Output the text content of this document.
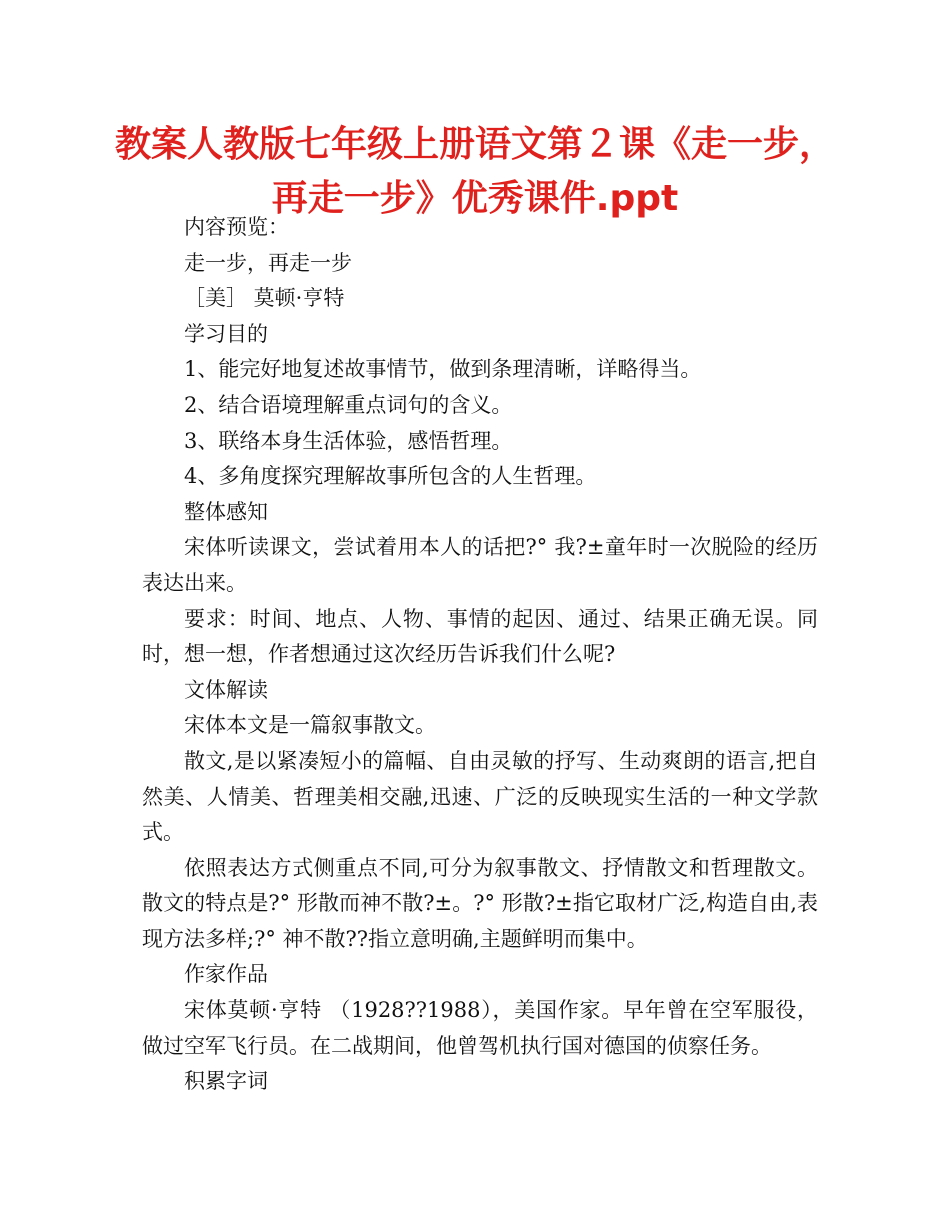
教案人教版七年级上册语文第２课《走一步，再走一步》优秀课件.ppt

内容预览：

走一步，再走一步

［美］ 莫顿·亨特

学习目的

1、能完好地复述故事情节，做到条理清晰，详略得当。

2、结合语境理解重点词句的含义。

3、联络本身生活体验，感悟哲理。

4、多角度探究理解故事所包含的人生哲理。

整体感知

宋体听读课文，尝试着用本人的话把?° 我?±童年时一次脱险的经历表达出来。

要求：时间、地点、人物、事情的起因、通过、结果正确无误。同时，想一想，作者想通过这次经历告诉我们什么呢?

文体解读

宋体本文是一篇叙事散文。

散文,是以紧凑短小的篇幅、自由灵敏的抒写、生动爽朗的语言,把自然美、人情美、哲理美相交融,迅速、广泛的反映现实生活的一种文学款式。

依照表达方式侧重点不同,可分为叙事散文、抒情散文和哲理散文。散文的特点是?° 形散而神不散?±。?° 形散?±指它取材广泛,构造自由,表现方法多样;?° 神不散??指立意明确,主题鲜明而集中。

作家作品

宋体莫顿·亨特 （1928??1988），美国作家。早年曾在空军服役，做过空军飞行员。在二战期间，他曾驾机执行国对德国的侦察任务。

积累字词
